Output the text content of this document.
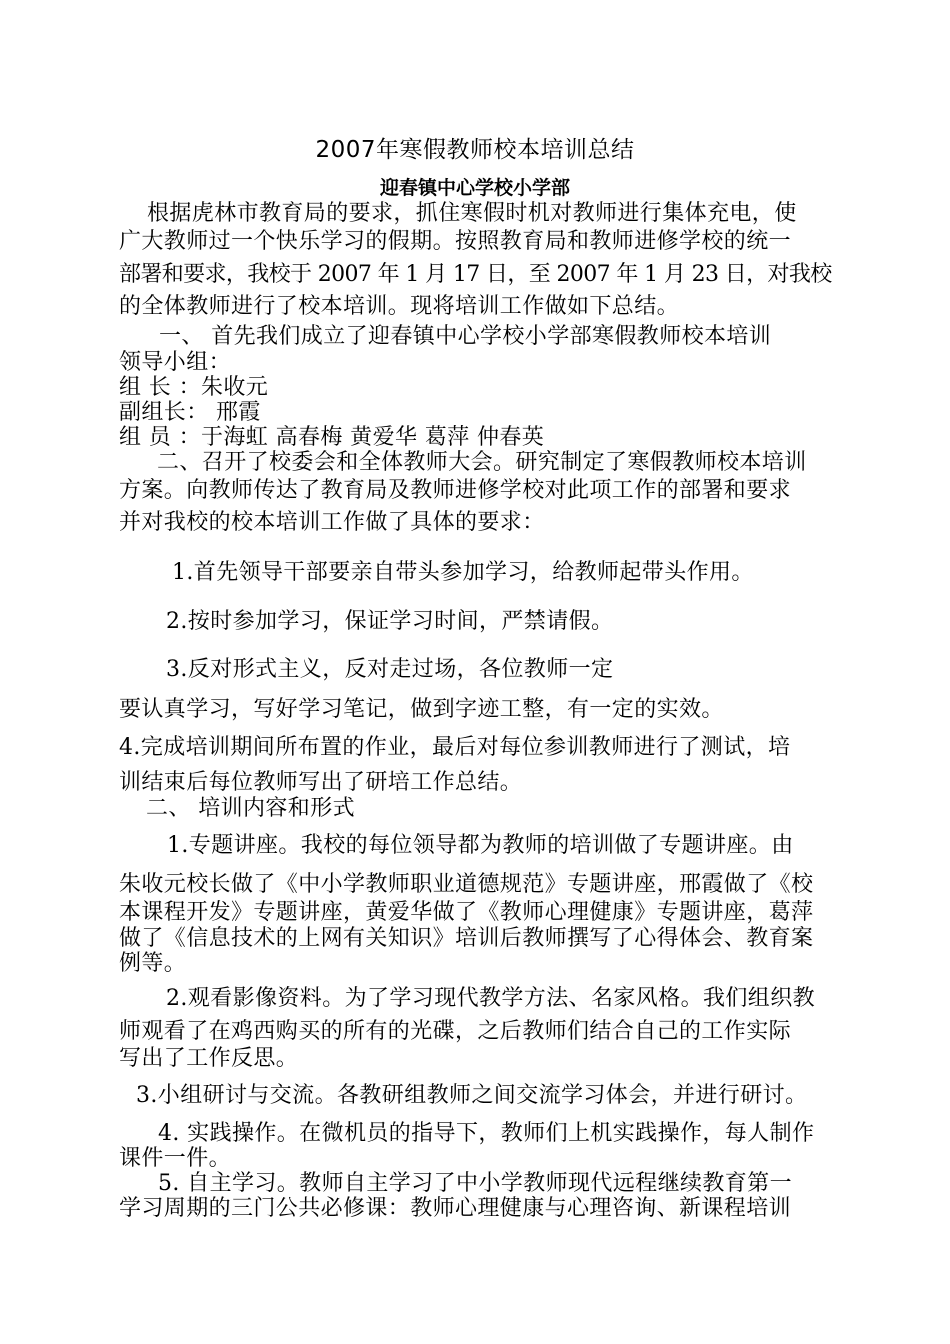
2007年寒假教师校本培训总结
迎春镇中心学校小学部
根据虎林市教育局的要求，抓住寒假时机对教师进行集体充电，使
广大教师过一个快乐学习的假期。按照教育局和教师进修学校的统一
部署和要求，我校于 2007 年 1 月 17 日，至 2007 年 1 月 23 日，对我校
的全体教师进行了校本培训。现将培训工作做如下总结。
一、 首先我们成立了迎春镇中心学校小学部寒假教师校本培训
领导小组：
组 长 ：朱收元
副组长： 邢霞
组 员 ：于海虹 高春梅 黄爱华 葛萍 仲春英
二、召开了校委会和全体教师大会。研究制定了寒假教师校本培训
方案。向教师传达了教育局及教师进修学校对此项工作的部署和要求
并对我校的校本培训工作做了具体的要求：
1.首先领导干部要亲自带头参加学习，给教师起带头作用。
2.按时参加学习，保证学习时间，严禁请假。
3.反对形式主义，反对走过场，各位教师一定
要认真学习，写好学习笔记，做到字迹工整，有一定的实效。
4.完成培训期间所布置的作业，最后对每位参训教师进行了测试，培
训结束后每位教师写出了研培工作总结。
二、 培训内容和形式
1.专题讲座。我校的每位领导都为教师的培训做了专题讲座。由
朱收元校长做了《中小学教师职业道德规范》专题讲座，邢霞做了《校
本课程开发》专题讲座，黄爱华做了《教师心理健康》专题讲座，葛萍
做了《信息技术的上网有关知识》培训后教师撰写了心得体会、教育案
例等。
2.观看影像资料。为了学习现代教学方法、名家风格。我们组织教
师观看了在鸡西购买的所有的光碟，之后教师们结合自己的工作实际
写出了工作反思。
3.小组研讨与交流。各教研组教师之间交流学习体会，并进行研讨。
4. 实践操作。在微机员的指导下，教师们上机实践操作，每人制作
课件一件。
5. 自主学习。教师自主学习了中小学教师现代远程继续教育第一
学习周期的三门公共必修课：教师心理健康与心理咨询、新课程培训
